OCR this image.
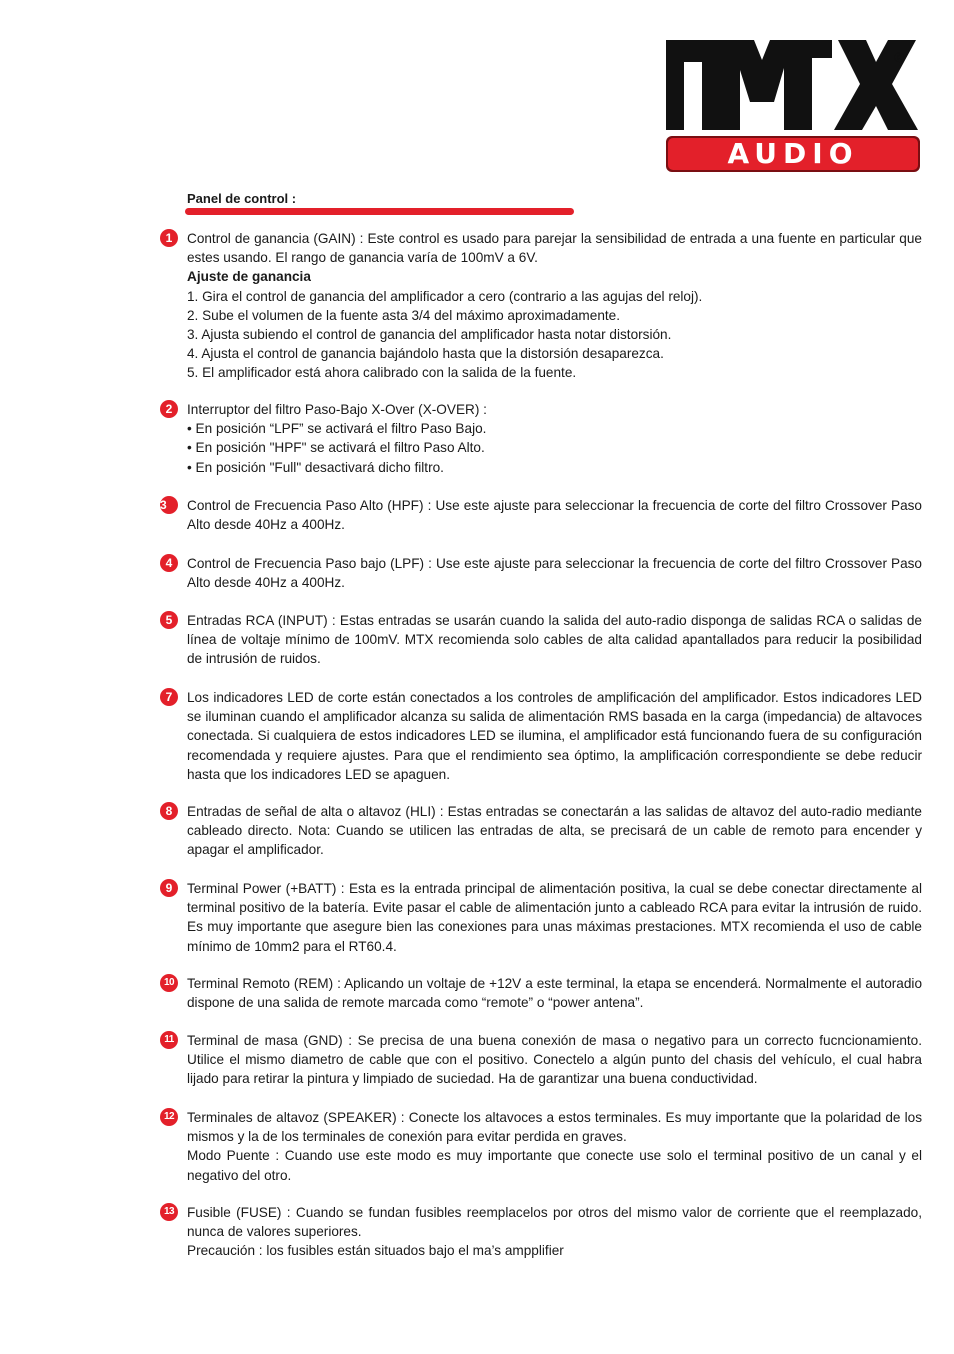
®
AUDIO
Panel de control :
1	Control de ganancia (GAIN) : Este control es usado para parejar la sensibilidad de entrada a una fuente en particular que estes usando. El rango de ganancia varía de 100mV a 6V.
Ajuste de ganancia
1. Gira el control de ganancia del amplificador a cero (contrario a las agujas del reloj).
2. Sube el volumen de la fuente asta 3/4 del máximo aproximadamente.
3. Ajusta subiendo el control de ganancia del amplificador hasta notar distorsión.
4. Ajusta el control de ganancia bajándolo hasta que la distorsión desaparezca.
5. El amplificador está ahora calibrado con la salida de la fuente.
2	Interruptor del filtro Paso-Bajo X-Over (X-OVER) :
• En posición “LPF” se activará el filtro Paso Bajo.
• En posición "HPF" se activará el filtro Paso Alto.
• En posición "Full" desactivará dicho filtro.
3	Control de Frecuencia Paso Alto (HPF) : Use este ajuste para seleccionar la frecuencia de corte del filtro Crossover Paso Alto desde 40Hz a 400Hz.
4	Control de Frecuencia Paso bajo (LPF) : Use este ajuste para seleccionar la frecuencia de corte del filtro Crossover Paso Alto desde 40Hz a 400Hz.
5	Entradas RCA (INPUT) : Estas entradas se usarán cuando la salida del auto-radio disponga de salidas RCA o salidas de línea de voltaje mínimo de 100mV. MTX recomienda solo cables de alta calidad apantallados para reducir la posibilidad de intrusión de ruidos.
7	Los indicadores LED de corte están conectados a los controles de amplificación del amplificador. Estos indicadores LED se iluminan cuando el amplificador alcanza su salida de alimentación RMS basada en la carga (impedancia) de altavoces conectada. Si cualquiera de estos indicadores LED se ilumina, el amplificador está funcionando fuera de su configuración recomendada y requiere ajustes. Para que el rendimiento sea óptimo, la amplificación correspondiente se debe reducir hasta que los indicadores LED se apaguen.
8	Entradas de señal de alta o altavoz (HLI) : Estas entradas se conectarán a las salidas de altavoz del auto-radio mediante cableado directo. Nota: Cuando se utilicen las entradas de alta, se precisará de un cable de remoto para encender y apagar el amplificador.
9	Terminal Power (+BATT) : Esta es la entrada principal de alimentación positiva, la cual se debe conectar directamente al terminal positivo de la batería. Evite pasar el cable de alimentación junto a cableado RCA para evitar la intrusión de ruido. Es muy importante que asegure bien las conexiones para unas máximas prestaciones. MTX recomienda el uso de cable mínimo de 10mm2 para el RT60.4.
10 Terminal Remoto (REM) : Aplicando un voltaje de +12V a este terminal, la etapa se encenderá. Normalmente el autoradio dispone de una salida de remote marcada como “remote” o “power antena”.
11 Terminal de masa (GND) : Se precisa de una buena conexión de masa o negativo para un correcto fucncionamiento. Utilice el mismo diametro de cable que con el positivo. Conectelo a algún punto del chasis del vehículo, el cual habra lijado para retirar la pintura y limpiado de suciedad. Ha de garantizar una buena conductividad.
12 Terminales de altavoz (SPEAKER) : Conecte los altavoces a estos terminales. Es muy importante que la polaridad de los mismos y la de los terminales de conexión para evitar perdida en graves.
Modo Puente : Cuando use este modo es muy importante que conecte use solo el terminal positivo de un canal y el negativo del otro.
13 Fusible (FUSE) : Cuando se fundan fusibles reemplacelos por otros del mismo valor de corriente que el reemplazado, nunca de valores superiores.
Precaución : los fusibles están situados bajo el ma’s ampplifier
